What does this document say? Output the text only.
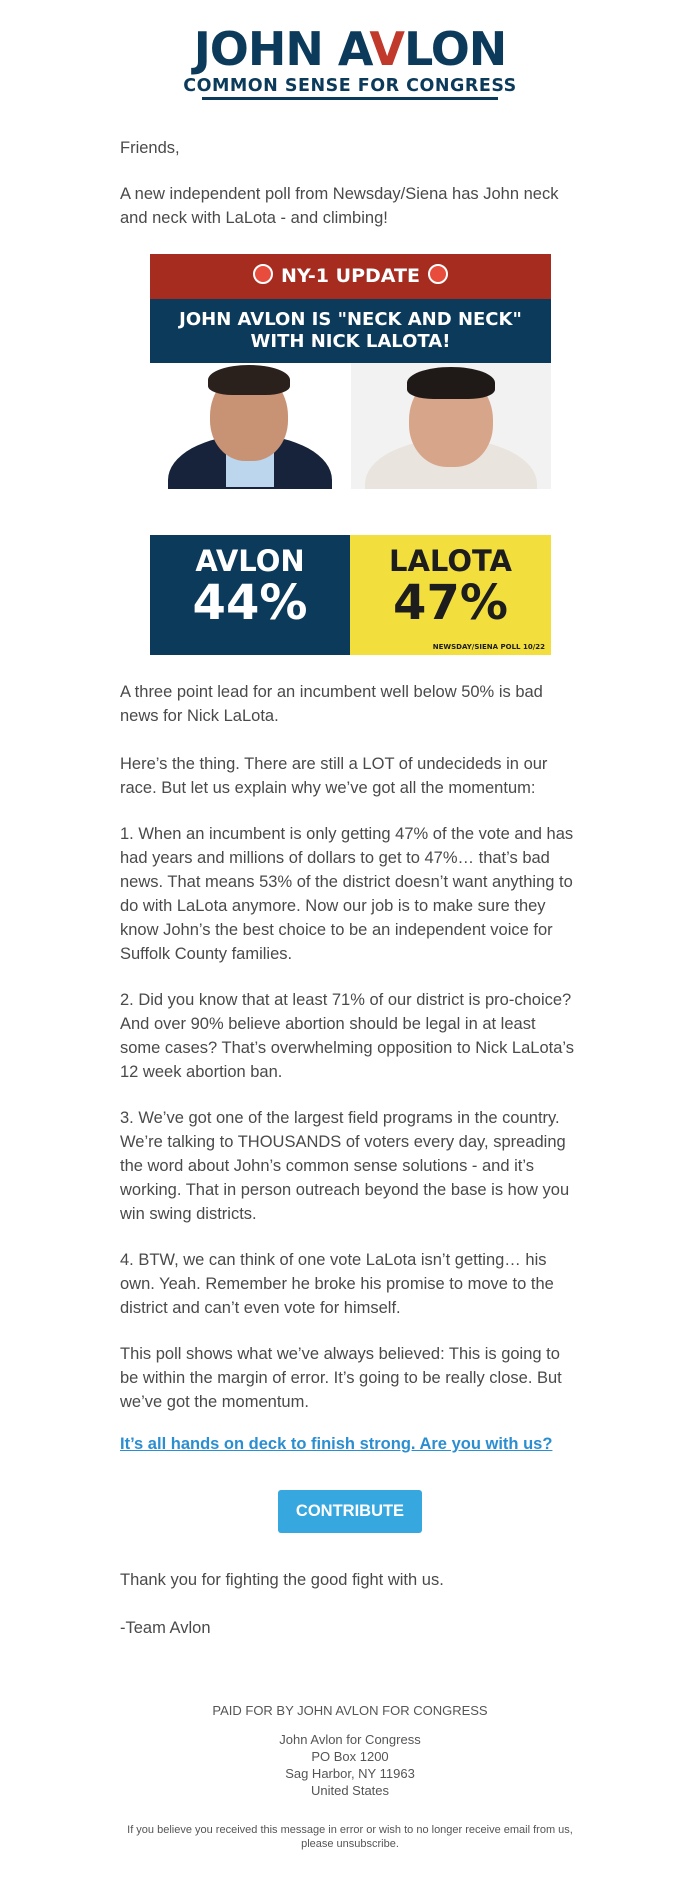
JOHN AVLON
COMMON SENSE FOR CONGRESS

Friends,

A new independent poll from Newsday/Siena has John neck and neck with LaLota - and climbing!

NY-1 UPDATE
JOHN AVLON IS "NECK AND NECK"
WITH NICK LALOTA!
AVLON
44%
LALOTA
47%
NEWSDAY/SIENA POLL 10/22

A three point lead for an incumbent well below 50% is bad news for Nick LaLota.

Here’s the thing. There are still a LOT of undecideds in our race. But let us explain why we’ve got all the momentum:

1. When an incumbent is only getting 47% of the vote and has had years and millions of dollars to get to 47%… that’s bad news. That means 53% of the district doesn’t want anything to do with LaLota anymore. Now our job is to make sure they know John’s the best choice to be an independent voice for Suffolk County families.

2. Did you know that at least 71% of our district is pro-choice? And over 90% believe abortion should be legal in at least some cases? That’s overwhelming opposition to Nick LaLota’s 12 week abortion ban.

3. We’ve got one of the largest field programs in the country. We’re talking to THOUSANDS of voters every day, spreading the word about John’s common sense solutions - and it’s working. That in person outreach beyond the base is how you win swing districts.

4. BTW, we can think of one vote LaLota isn’t getting… his own. Yeah. Remember he broke his promise to move to the district and can’t even vote for himself.

This poll shows what we’ve always believed: This is going to be within the margin of error. It’s going to be really close. But we’ve got the momentum.

It’s all hands on deck to finish strong. Are you with us?
CONTRIBUTE

Thank you for fighting the good fight with us.

-Team Avlon

PAID FOR BY JOHN AVLON FOR CONGRESS
John Avlon for Congress
PO Box 1200
Sag Harbor, NY 11963
United States
If you believe you received this message in error or wish to no longer receive email from us, please unsubscribe.
